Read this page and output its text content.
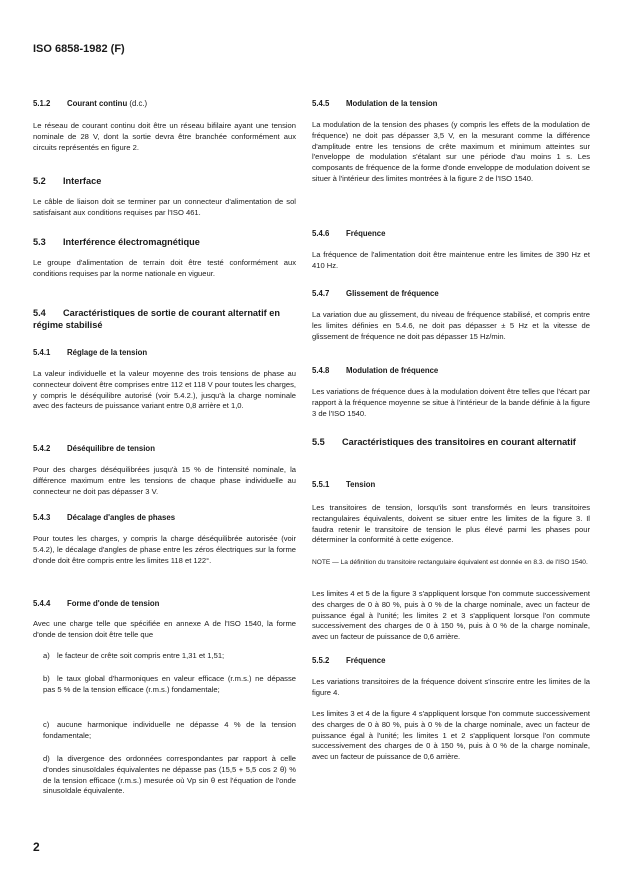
ISO 6858-1982 (F)
5.1.2 Courant continu (d.c.)
Le réseau de courant continu doit être un réseau bifilaire ayant une tension nominale de 28 V, dont la sortie devra être branchée conformément aux circuits représentés en figure 2.
5.2 Interface
Le câble de liaison doit se terminer par un connecteur d'alimentation de sol satisfaisant aux conditions requises par l'ISO 461.
5.3 Interférence électromagnétique
Le groupe d'alimentation de terrain doit être testé conformément aux conditions requises par la norme nationale en vigueur.
5.4	Caractéristiques de sortie de courant alternatif en régime stabilisé
5.4.1 Réglage de la tension
La valeur individuelle et la valeur moyenne des trois tensions de phase au connecteur doivent être comprises entre 112 et 118 V pour toutes les charges, y compris le déséquilibre autorisé (voir 5.4.2.), jusqu'à la charge nominale avec des facteurs de puissance variant entre 0,8 arrière et 1,0.
5.4.2 Déséquilibre de tension
Pour des charges déséquilibrées jusqu'à 15 % de l'intensité nominale, la différence maximum entre les tensions de chaque phase individuelle au connecteur ne doit pas dépasser 3 V.
5.4.3 Décalage d'angles de phases
Pour toutes les charges, y compris la charge déséquilibrée autorisée (voir 5.4.2), le décalage d'angles de phase entre les zéros électriques sur la forme d'onde doit être compris entre les limites 118 et 122°.
5.4.4 Forme d'onde de tension
Avec une charge telle que spécifiée en annexe A de l'ISO 1540, la forme d'onde de tension doit être telle que
a) le facteur de crête soit compris entre 1,31 et 1,51;
b) le taux global d'harmoniques en valeur efficace (r.m.s.) ne dépasse pas 5 % de la tension efficace (r.m.s.) fondamentale;
c) aucune harmonique individuelle ne dépasse 4 % de la tension fondamentale;
d) la divergence des ordonnées correspondantes par rapport à celle d'ondes sinusoïdales équivalentes ne dépasse pas (15,5 + 5,5 cos 2 θ) % de la tension efficace (r.m.s.) mesurée où Vp sin θ est l'équation de l'onde sinusoïdale équivalente.
2
5.4.5 Modulation de la tension
La modulation de la tension des phases (y compris les effets de la modulation de fréquence) ne doit pas dépasser 3,5 V, en la mesurant comme la différence d'amplitude entre les tensions de crête maximum et minimum atteintes sur l'enveloppe de modulation s'étalant sur une période d'au moins 1 s. Les composants de fréquence de la forme d'onde enveloppe de modulation doivent se situer à l'intérieur des limites montrées à la figure 2 de l'ISO 1540.
5.4.6 Fréquence
La fréquence de l'alimentation doit être maintenue entre les limites de 390 Hz et 410 Hz.
5.4.7 Glissement de fréquence
La variation due au glissement, du niveau de fréquence stabilisé, et compris entre les limites définies en 5.4.6, ne doit pas dépasser ± 5 Hz et la vitesse de glissement de fréquence ne doit pas dépasser 15 Hz/min.
5.4.8 Modulation de fréquence
Les variations de fréquence dues à la modulation doivent être telles que l'écart par rapport à la fréquence moyenne se situe à l'intérieur de la bande définie à la figure 3 de l'ISO 1540.
5.5	Caractéristiques des transitoires en courant alternatif
5.5.1 Tension
Les transitoires de tension, lorsqu'ils sont transformés en leurs transitoires rectangulaires équivalents, doivent se situer entre les limites de la figure 3. Il faudra retenir le transitoire de tension le plus élevé parmi les phases pour déterminer la conformité à cette exigence.
NOTE — La définition du transitoire rectangulaire équivalent est donnée en 8.3. de l'ISO 1540.
Les limites 4 et 5 de la figure 3 s'appliquent lorsque l'on commute successivement des charges de 0 à 80 %, puis à 0 % de la charge nominale, avec un facteur de puissance égal à l'unité; les limites 2 et 3 s'appliquent lorsque l'on commute successivement des charges de 0 à 150 %, puis à 0 % de la charge nominale, avec un facteur de puissance de 0,6 arrière.
5.5.2 Fréquence
Les variations transitoires de la fréquence doivent s'inscrire entre les limites de la figure 4.
Les limites 3 et 4 de la figure 4 s'appliquent lorsque l'on commute successivement des charges de 0 à 80 %, puis à 0 % de la charge nominale, avec un facteur de puissance égal à l'unité; les limites 1 et 2 s'appliquent lorsque l'on commute successivement des charges de 0 à 150 %, puis à 0 % de la charge nominale, avec un facteur de puissance de 0,6 arrière.
